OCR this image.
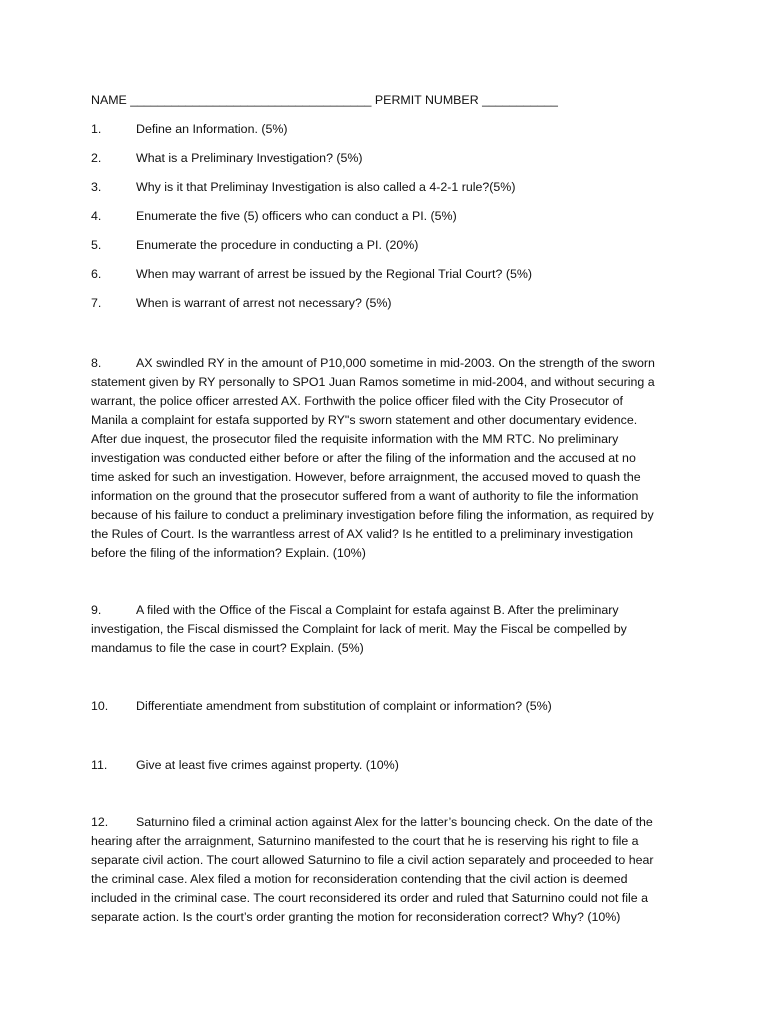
NAME ___________________________________ PERMIT NUMBER ___________
1.	Define an Information. (5%)
2.	What is a Preliminary Investigation? (5%)
3.	Why is it that Preliminay Investigation is also called a 4-2-1 rule?(5%)
4.	Enumerate the five (5) officers who can conduct a PI. (5%)
5.	Enumerate the procedure in conducting a PI. (20%)
6.	When may warrant of arrest be issued by the Regional Trial Court? (5%)
7.	When is warrant of arrest not necessary? (5%)
8.	AX swindled RY in the amount of P10,000 sometime in mid-2003. On the strength of the sworn
statement given by RY personally to SPO1 Juan Ramos sometime in mid-2004, and without securing a
warrant, the police officer arrested AX. Forthwith the police officer filed with the City Prosecutor of
Manila a complaint for estafa supported by RY"s sworn statement and other documentary evidence.
After due inquest, the prosecutor filed the requisite information with the MM RTC. No preliminary
investigation was conducted either before or after the filing of the information and the accused at no
time asked for such an investigation. However, before arraignment, the accused moved to quash the
information on the ground that the prosecutor suffered from a want of authority to file the information
because of his failure to conduct a preliminary investigation before filing the information, as required by
the Rules of Court. Is the warrantless arrest of AX valid? Is he entitled to a preliminary investigation
before the filing of the information? Explain. (10%)
9.	A filed with the Office of the Fiscal a Complaint for estafa against B. After the preliminary
investigation, the Fiscal dismissed the Complaint for lack of merit. May the Fiscal be compelled by
mandamus to file the case in court? Explain. (5%)
10.	Differentiate amendment from substitution of complaint or information? (5%)
11.	Give at least five crimes against property. (10%)
12. Saturnino filed a criminal action against Alex for the latter’s bouncing check. On the date of the
hearing after the arraignment, Saturnino manifested to the court that he is reserving his right to file a
separate civil action. The court allowed Saturnino to file a civil action separately and proceeded to hear
the criminal case. Alex filed a motion for reconsideration contending that the civil action is deemed
included in the criminal case. The court reconsidered its order and ruled that Saturnino could not file a
separate action. Is the court’s order granting the motion for reconsideration correct? Why? (10%)
